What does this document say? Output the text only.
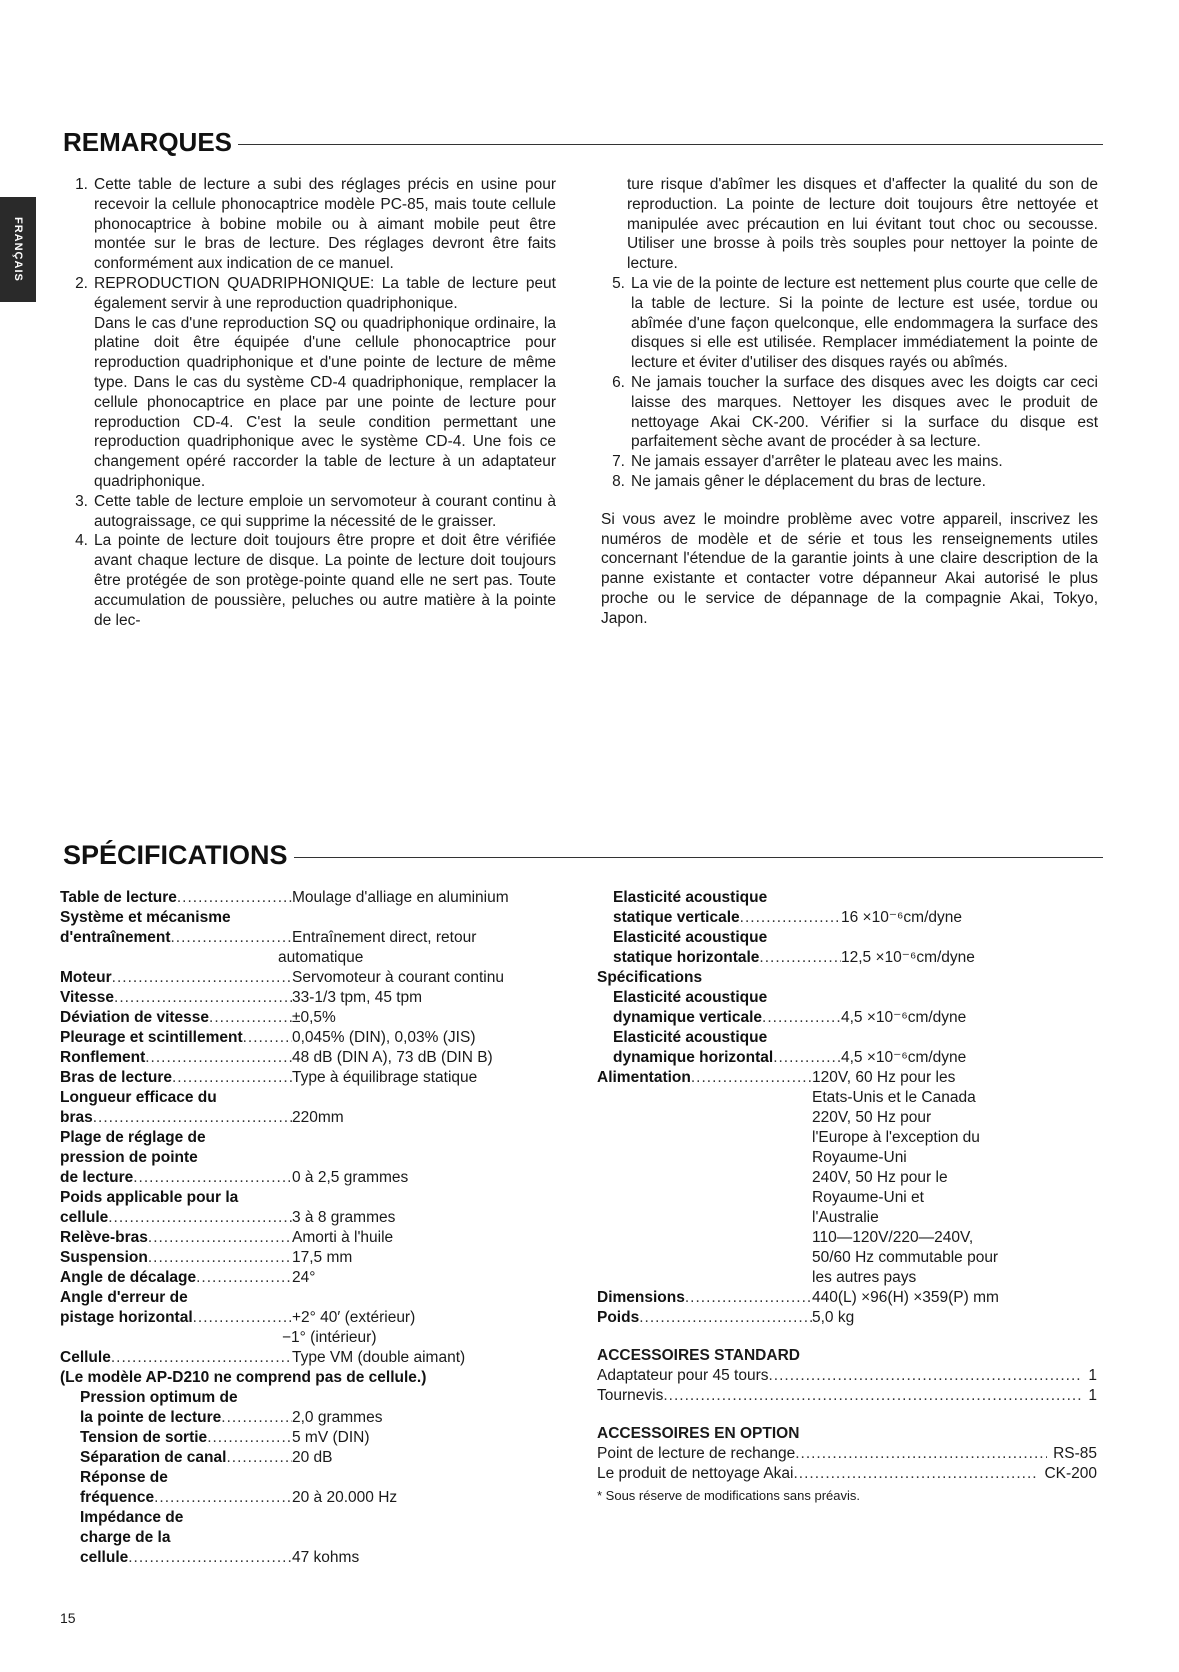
FRANÇAIS
REMARQUES
1. Cette table de lecture a subi des réglages précis en usine pour recevoir la cellule phonocaptrice modèle PC-85, mais toute cellule phonocaptrice à bobine mobile ou à aimant mobile peut être montée sur le bras de lecture. Des réglages devront être faits conformément aux indication de ce manuel.
2. REPRODUCTION QUADRIPHONIQUE: La table de lecture peut également servir à une reproduction quadriphonique.
Dans le cas d'une reproduction SQ ou quadriphonique ordinaire, la platine doit être équipée d'une cellule phonocaptrice pour reproduction quadriphonique et d'une pointe de lecture de même type. Dans le cas du système CD-4 quadriphonique, remplacer la cellule phonocaptrice en place par une pointe de lecture pour reproduction CD-4. C'est la seule condition permettant une reproduction quadriphonique avec le système CD-4. Une fois ce changement opéré raccorder la table de lecture à un adaptateur quadriphonique.
3. Cette table de lecture emploie un servomoteur à courant continu à autograissage, ce qui supprime la nécessité de le graisser.
4. La pointe de lecture doit toujours être propre et doit être vérifiée avant chaque lecture de disque. La pointe de lecture doit toujours être protégée de son protège-pointe quand elle ne sert pas. Toute accumulation de poussière, peluches ou autre matière à la pointe de lec-
ture risque d'abîmer les disques et d'affecter la qualité du son de reproduction. La pointe de lecture doit toujours être nettoyée et manipulée avec précaution en lui évitant tout choc ou secousse. Utiliser une brosse à poils très souples pour nettoyer la pointe de lecture.
5. La vie de la pointe de lecture est nettement plus courte que celle de la table de lecture. Si la pointe de lecture est usée, tordue ou abîmée d'une façon quelconque, elle endommagera la surface des disques si elle est utilisée. Remplacer immédiatement la pointe de lecture et éviter d'utiliser des disques rayés ou abîmés.
6. Ne jamais toucher la surface des disques avec les doigts car ceci laisse des marques. Nettoyer les disques avec le produit de nettoyage Akai CK-200. Vérifier si la surface du disque est parfaitement sèche avant de procéder à sa lecture.
7. Ne jamais essayer d'arrêter le plateau avec les mains.
8. Ne jamais gêner le déplacement du bras de lecture.
Si vous avez le moindre problème avec votre appareil, inscrivez les numéros de modèle et de série et tous les renseignements utiles concernant l'étendue de la garantie joints à une claire description de la panne existante et contacter votre dépanneur Akai autorisé le plus proche ou le service de dépannage de la compagnie Akai, Tokyo, Japon.
SPÉCIFICATIONS
Table de lecture .....	Moulage d'alliage en aluminium
Système et mécanisme
d'entraînement .....	Entraînement direct, retour
automatique
Moteur .....	Servomoteur à courant continu
Vitesse .....	33-1/3 tpm, 45 tpm
Déviation de vitesse .....	±0,5%
Pleurage et scintillement .....	0,045% (DIN), 0,03% (JIS)
Ronflement .....	48 dB (DIN A), 73 dB (DIN B)
Bras de lecture .....	Type à équilibrage statique
Longueur efficace du
bras .....	220mm
Plage de réglage de
pression de pointe
de lecture .....	0 à 2,5 grammes
Poids applicable pour la
cellule .....	3 à 8 grammes
Relève-bras .....	Amorti à l'huile
Suspension .....	17,5 mm
Angle de décalage .....	24°
Angle d'erreur de
pistage horizontal .....	+2° 40′ (extérieur)
−1° (intérieur)
Cellule .....	Type VM (double aimant)
(Le modèle AP-D210 ne comprend pas de cellule.)
Pression optimum de
la pointe de lecture .....	2,0 grammes
Tension de sortie .....	5 mV (DIN)
Séparation de canal .....	20 dB
Réponse de
fréquence .....	20 à 20.000 Hz
Impédance de
charge de la
cellule .....	47 kohms
Elasticité acoustique
statique verticale .....	16 ×10⁻⁶cm/dyne
Elasticité acoustique
statique horizontale .....	12,5 ×10⁻⁶cm/dyne
Spécifications
Elasticité acoustique
dynamique verticale .....	4,5 ×10⁻⁶cm/dyne
Elasticité acoustique
dynamique horizontal .....	4,5 ×10⁻⁶cm/dyne
Alimentation .....	120V, 60 Hz pour les
Etats-Unis et le Canada
220V, 50 Hz pour
l'Europe à l'exception du
Royaume-Uni
240V, 50 Hz pour le
Royaume-Uni et
l'Australie
110—120V/220—240V,
50/60 Hz commutable pour
les autres pays
Dimensions .....	440(L) ×96(H) ×359(P) mm
Poids .....	5,0 kg
ACCESSOIRES STANDARD
Adaptateur pour 45 tours .....	1
Tournevis .....	1
ACCESSOIRES EN OPTION
Point de lecture de rechange .....	RS-85
Le produit de nettoyage Akai .....	CK-200
* Sous réserve de modifications sans préavis.
15
